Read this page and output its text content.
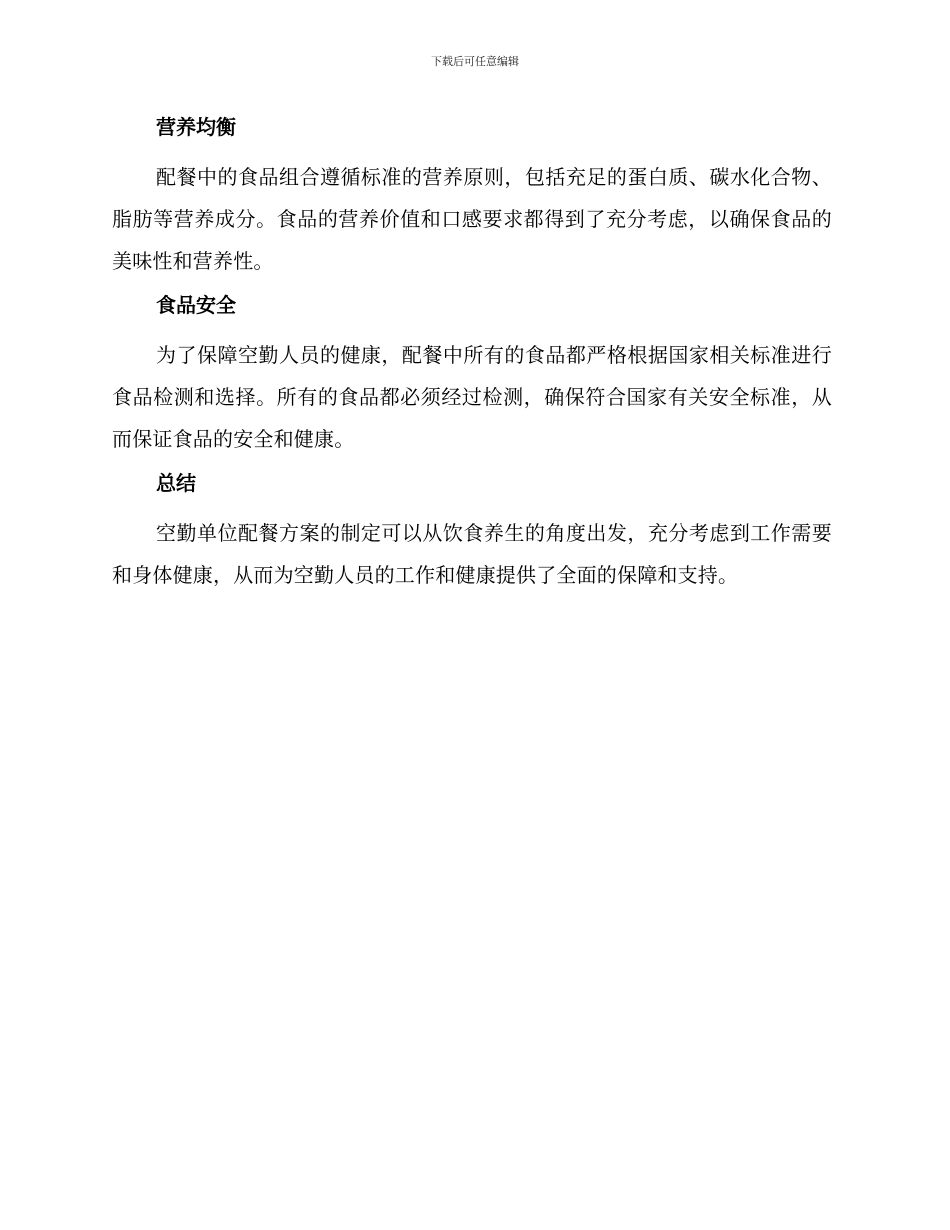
下载后可任意编辑
营养均衡

配餐中的食品组合遵循标准的营养原则，包括充足的蛋白质、碳水化合物、脂肪等营养成分。食品的营养价值和口感要求都得到了充分考虑，以确保食品的美味性和营养性。

食品安全

为了保障空勤人员的健康，配餐中所有的食品都严格根据国家相关标准进行食品检测和选择。所有的食品都必须经过检测，确保符合国家有关安全标准，从而保证食品的安全和健康。

总结

空勤单位配餐方案的制定可以从饮食养生的角度出发，充分考虑到工作需要和身体健康，从而为空勤人员的工作和健康提供了全面的保障和支持。
